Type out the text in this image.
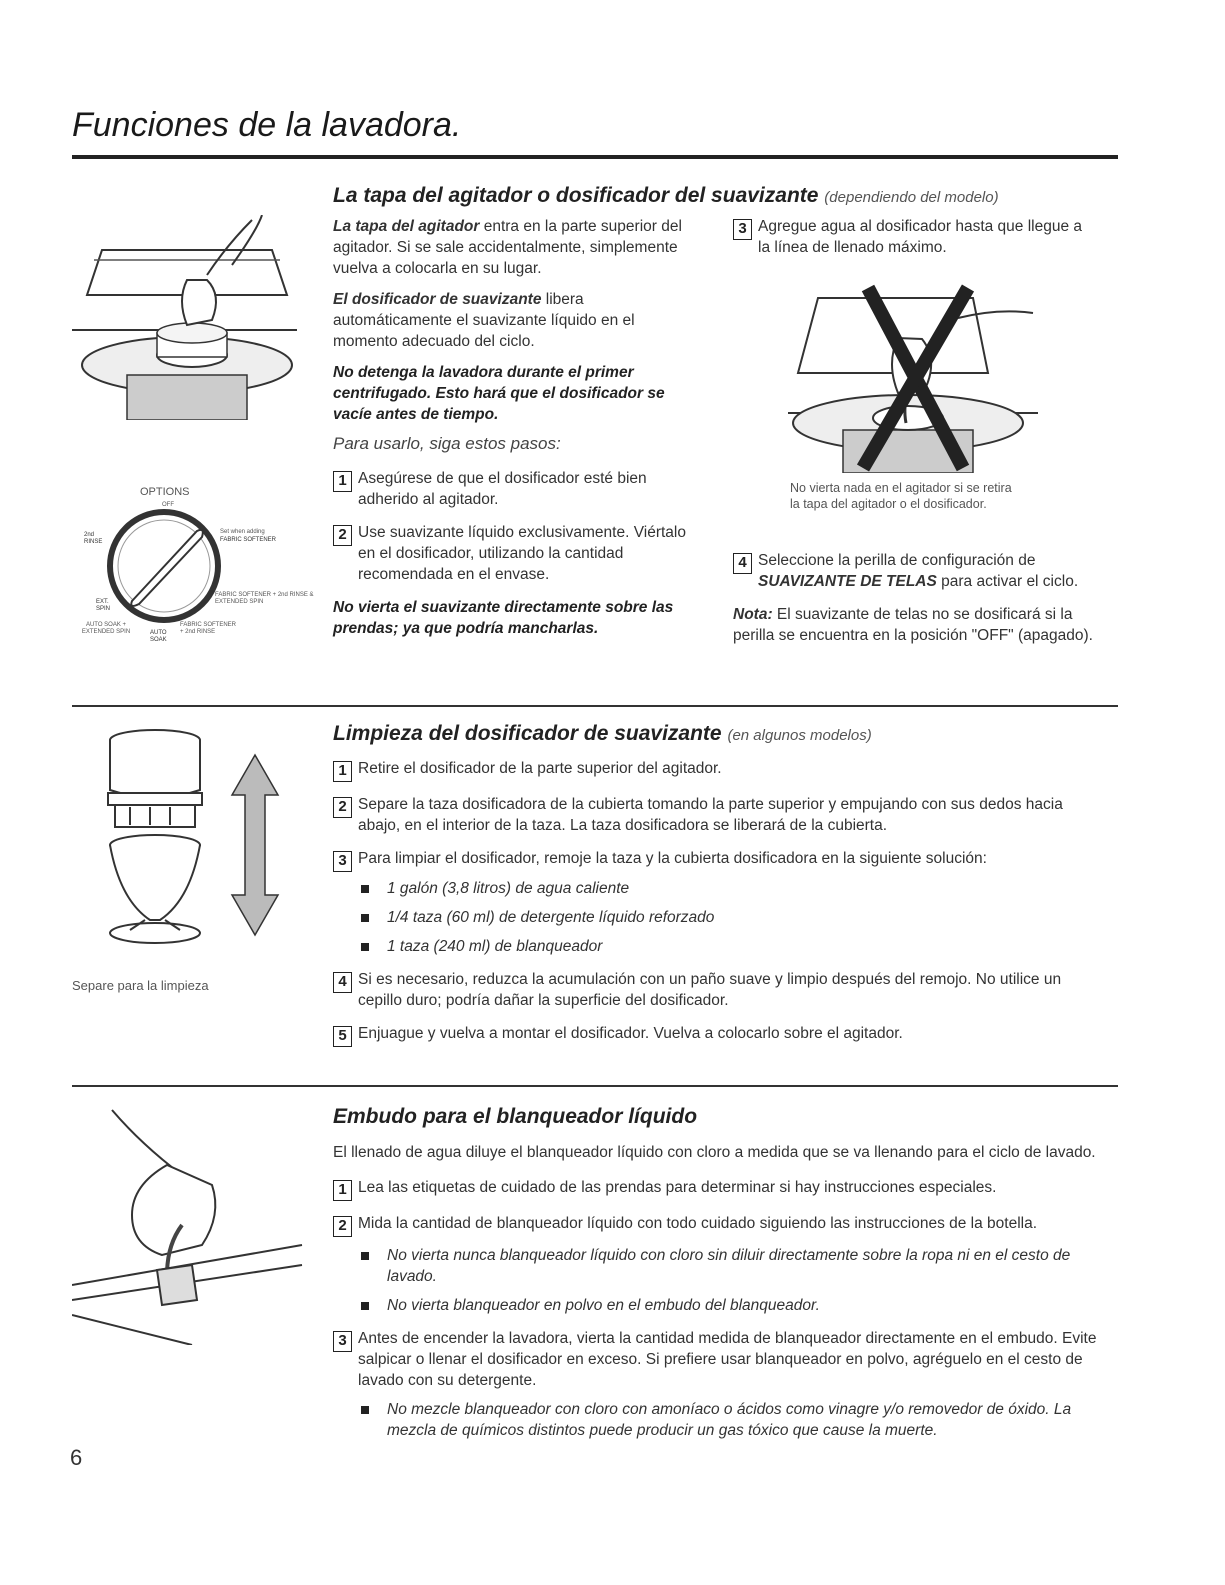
Funciones de la lavadora.
OPTIONS
OFF
2nd RINSE
Set when adding
FABRIC SOFTENER
EXT. SPIN
FABRIC SOFTENER + 2nd RINSE & EXTENDED SPIN
AUTO SOAK + EXTENDED SPIN	AUTO SOAK
FABRIC SOFTENER + 2nd RINSE
La tapa del agitador o dosificador del suavizante (dependiendo del modelo)

La tapa del agitador entra en la parte superior del agitador. Si se sale accidentalmente, simplemente vuelva a colocarla en su lugar.

El dosificador de suavizante libera automáticamente el suavizante líquido en el momento adecuado del ciclo.

No detenga la lavadora durante el primer centrifugado. Esto hará que el dosificador se vacíe antes de tiempo.

Para usarlo, siga estos pasos:

1 Asegúrese de que el dosificador esté bien adherido al agitador.

2 Use suavizante líquido exclusivamente. Viértalo en el dosificador, utilizando la cantidad recomendada en el envase.

No vierta el suavizante directamente sobre las prendas; ya que podría mancharlas.

3 Agregue agua al dosificador hasta que llegue a la línea de llenado máximo.

No vierta nada en el agitador si se retira la tapa del agitador o el dosificador.
4 Seleccione la perilla de configuración de SUAVIZANTE DE TELAS para activar el ciclo.

Nota: El suavizante de telas no se dosificará si la perilla se encuentra en la posición "OFF" (apagado).

Separe para la limpieza
Limpieza del dosificador de suavizante (en algunos modelos)
1 Retire el dosificador de la parte superior del agitador.

2 Separe la taza dosificadora de la cubierta tomando la parte superior y empujando con sus dedos hacia abajo, en el interior de la taza. La taza dosificadora se liberará de la cubierta.

3 Para limpiar el dosificador, remoje la taza y la cubierta dosificadora en la siguiente solución:

1 galón (3,8 litros) de agua caliente

1/4 taza (60 ml) de detergente líquido reforzado

1 taza (240 ml) de blanqueador

4 Si es necesario, reduzca la acumulación con un paño suave y limpio después del remojo. No utilice un cepillo duro; podría dañar la superficie del dosificador.

5 Enjuague y vuelva a montar el dosificador. Vuelva a colocarlo sobre el agitador.

Embudo para el blanqueador líquido

El llenado de agua diluye el blanqueador líquido con cloro a medida que se va llenando para el ciclo de lavado.

1 Lea las etiquetas de cuidado de las prendas para determinar si hay instrucciones especiales.

2 Mida la cantidad de blanqueador líquido con todo cuidado siguiendo las instrucciones de la botella.

No vierta nunca blanqueador líquido con cloro sin diluir directamente sobre la ropa ni en el cesto de lavado.

No vierta blanqueador en polvo en el embudo del blanqueador.

3 Antes de encender la lavadora, vierta la cantidad medida de blanqueador directamente en el embudo. Evite salpicar o llenar el dosificador en exceso. Si prefiere usar blanqueador en polvo, agréguelo en el cesto de lavado con su detergente.

No mezcle blanqueador con cloro con amoníaco o ácidos como vinagre y/o removedor de óxido. La mezcla de químicos distintos puede producir un gas tóxico que cause la muerte.

6
